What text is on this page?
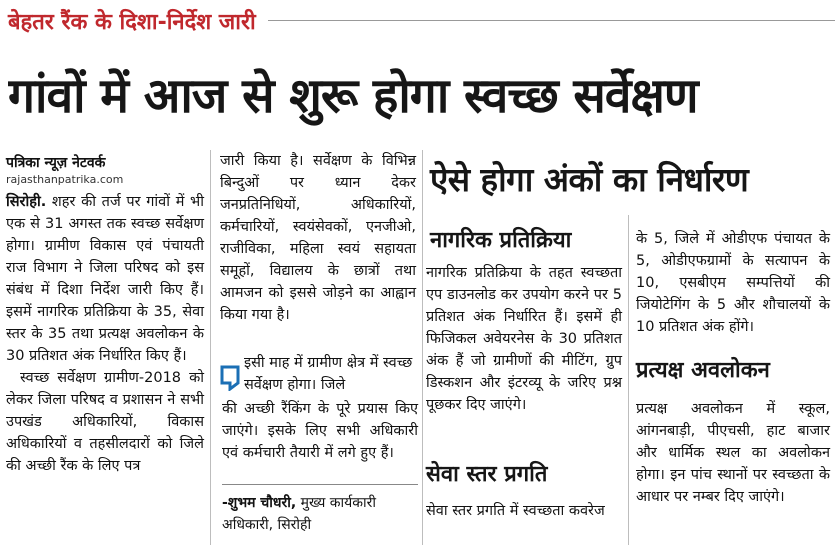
बेहतर रैंक के दिशा-निर्देश जारी
गांवों में आज से शुरू होगा स्वच्छ सर्वेक्षण
पत्रिका न्यूज़ नेटवर्क
rajasthanpatrika.com

सिरोही. शहर की तर्ज पर गांवों में भी एक से 31 अगस्त तक स्वच्छ सर्वेक्षण होगा। ग्रामीण विकास एवं पंचायती राज विभाग ने जिला परिषद को इस संबंध में दिशा निर्देश जारी किए हैं। इसमें नागरिक प्रतिक्रिया के 35, सेवा स्तर के 35 तथा प्रत्यक्ष अवलोकन के 30 प्रतिशत अंक निर्धारित किए हैं।

स्वच्छ सर्वेक्षण ग्रामीण-2018 को लेकर जिला परिषद व प्रशासन ने सभी उपखंड अधिकारियों, विकास अधिकारियों व तहसीलदारों को जिले की अच्छी रैंक के लिए पत्र

जारी किया है। सर्वेक्षण के विभिन्न बिन्दुओं पर ध्यान देकर जनप्रतिनिधियों, अधिकारियों, कर्मचारियों, स्वयंसेवकों, एनजीओ, राजीविका, महिला स्वयं सहायता समूहों, विद्यालय के छात्रों तथा आमजन को इससे जोड़ने का आह्वान किया गया है।

इसी माह में ग्रामीण क्षेत्र में स्वच्छ सर्वेक्षण होगा। जिले
की अच्छी रैंकिंग के पूरे प्रयास किए जाएंगे। इसके लिए सभी अधिकारी एवं कर्मचारी तैयारी में लगे हुए हैं।
-शुभम चौधरी, मुख्य कार्यकारी अधिकारी, सिरोही
ऐसे होगा अंकों का निर्धारण
नागरिक प्रतिक्रिया
नागरिक प्रतिक्रिया के तहत स्वच्छता एप डाउनलोड कर उपयोग करने पर 5 प्रतिशत अंक निर्धारित हैं। इसमें ही फिजिकल अवेयरनेस के 30 प्रतिशत अंक हैं जो ग्रामीणों की मीटिंग, ग्रुप डिस्कशन और इंटरव्यू के जरिए प्रश्न पूछकर दिए जाएंगे।
सेवा स्तर प्रगति
सेवा स्तर प्रगति में स्वच्छता कवरेज
के 5, जिले में ओडीएफ पंचायत के 5, ओडीएफग्रामों के सत्यापन के 10, एसबीएम सम्पत्तियों की जियोटेगिंग के 5 और शौचालयों के 10 प्रतिशत अंक होंगे।
प्रत्यक्ष अवलोकन
प्रत्यक्ष अवलोकन में स्कूल, आंगनबाड़ी, पीएचसी, हाट बाजार और धार्मिक स्थल का अवलोकन होगा। इन पांच स्थानों पर स्वच्छता के आधार पर नम्बर दिए जाएंगे।
